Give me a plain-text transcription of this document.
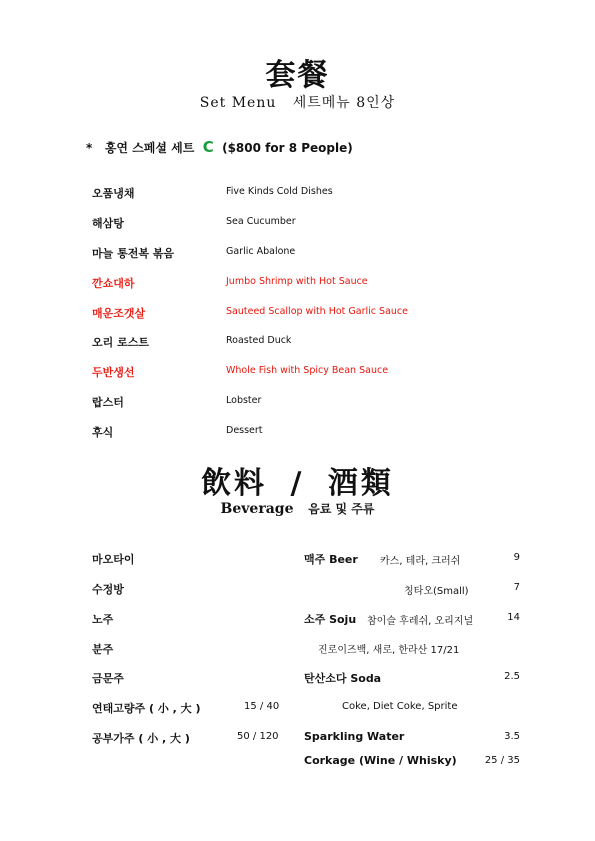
套餐
Set Menu 세트메뉴 8인상
* 홍연 스페셜 세트 C ($800 for 8 People)
오품냉채	Five Kinds Cold Dishes
해삼탕	Sea Cucumber
마늘 통전복 볶음	Garlic Abalone
깐쇼대하	Jumbo Shrimp with Hot Sauce
매운조갯살	Sauteed Scallop with Hot Garlic Sauce
오리 로스트	Roasted Duck
두반생선	Whole Fish with Spicy Bean Sauce
랍스터	Lobster
후식	Dessert
飲料 / 酒類
Beverage 음료 및 주류
마오타이
수정방
노주
분주
금문주
연태고량주 ( 小 , 大 )	15 / 40
공부가주 ( 小 , 大 )	50 / 120
맥주 Beer 카스, 테라, 크러쉬	9
칭타오(Small)	7
소주 Soju 참이슬 후레쉬, 오리지널	14
진로이즈백, 새로, 한라산 17/21
탄산소다 Soda	2.5
Coke, Diet Coke, Sprite
Sparkling Water	3.5
Corkage (Wine / Whisky)	25 / 35
